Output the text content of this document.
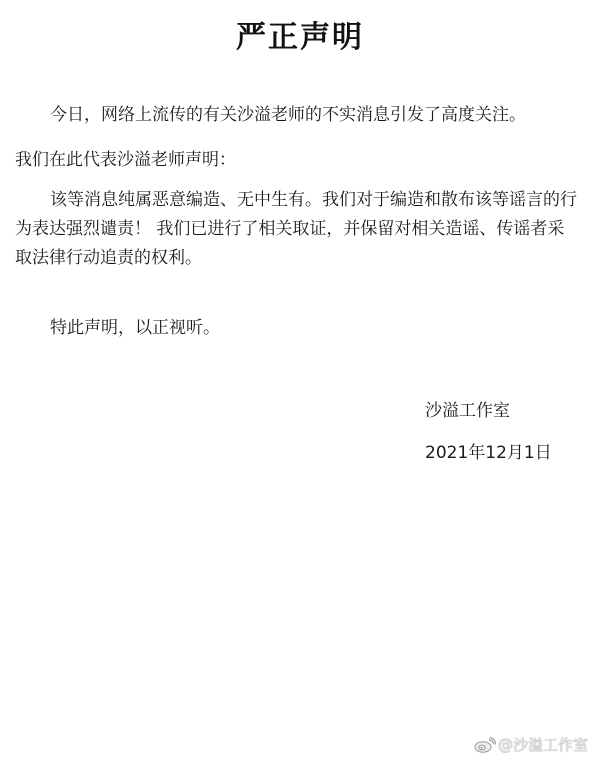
严正声明

今日，网络上流传的有关沙溢老师的不实消息引发了高度关注。

我们在此代表沙溢老师声明：

该等消息纯属恶意编造、无中生有。我们对于编造和散布该等谣言的行为表达强烈谴责！ 我们已进行了相关取证，并保留对相关造谣、传谣者采取法律行动追责的权利。

特此声明，以正视听。

沙溢工作室
2021年12月1日
@沙溢工作室
